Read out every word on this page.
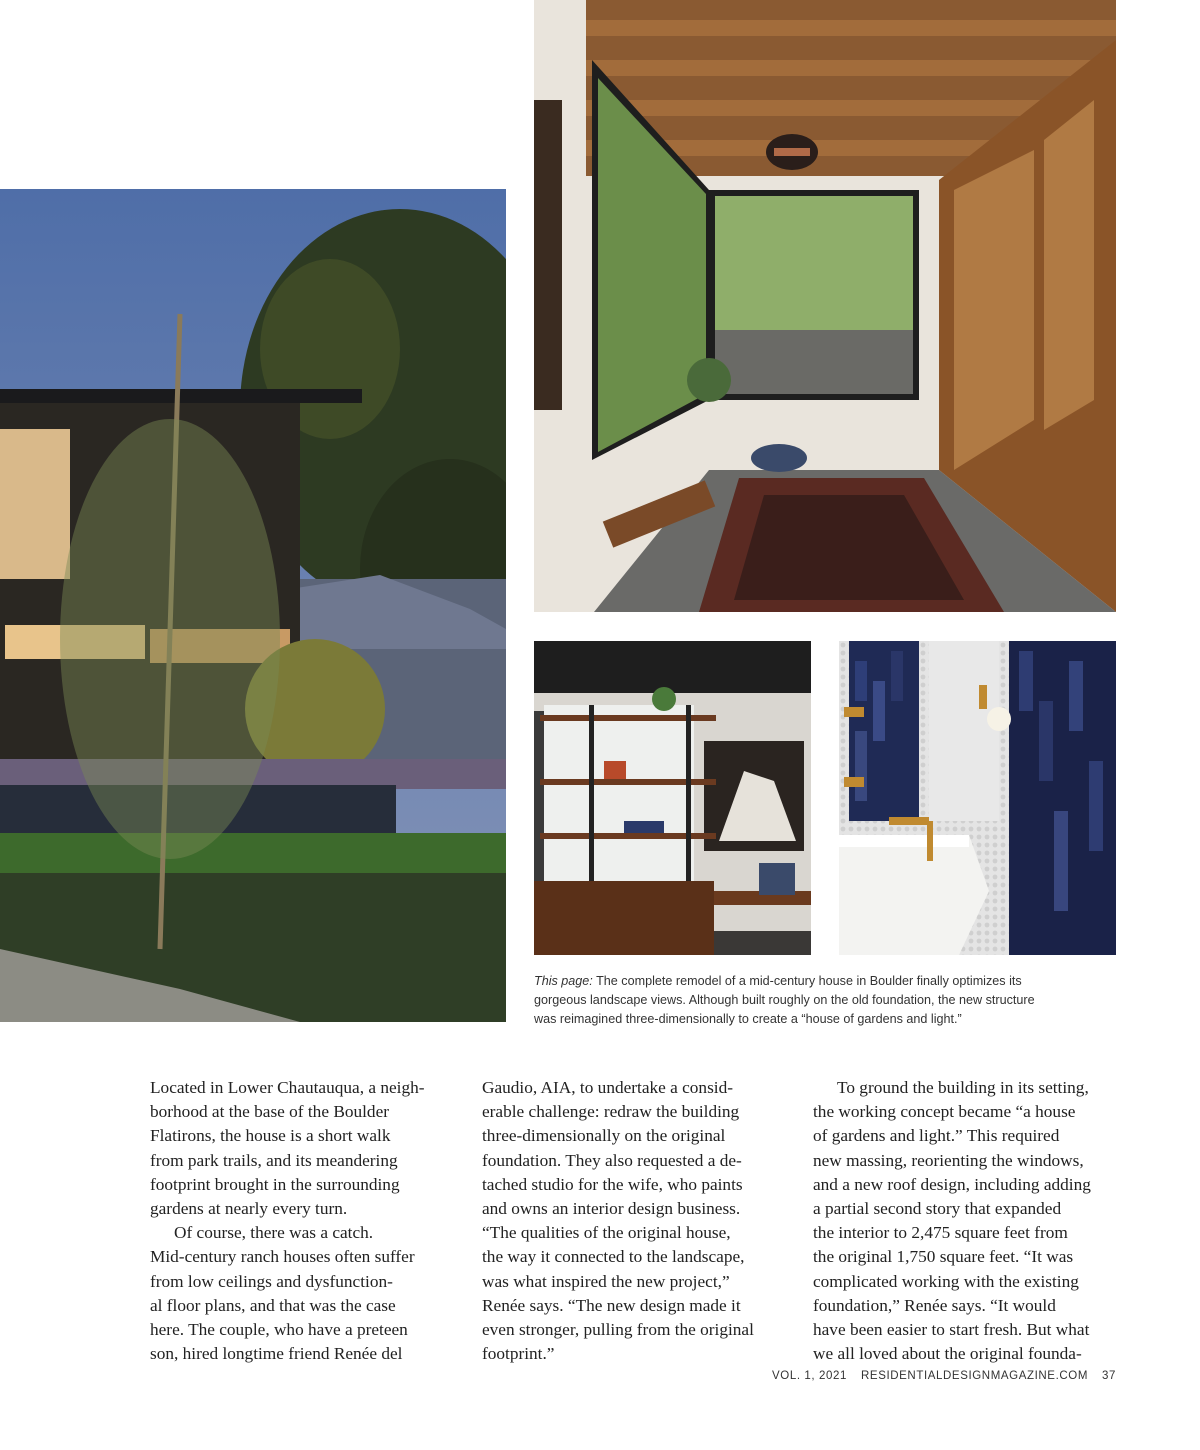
This page: The complete remodel of a mid-century house in Boulder finally optimizes its
gorgeous landscape views. Although built roughly on the old foundation, the new structure
was reimagined three-dimensionally to create a “house of gardens and light.”
Located in Lower Chautauqua, a neigh-
borhood at the base of the Boulder
Flatirons, the house is a short walk
from park trails, and its meandering
footprint brought in the surrounding
gardens at nearly every turn.
Of course, there was a catch.
Mid-century ranch houses often suffer
from low ceilings and dysfunction-
al floor plans, and that was the case
here. The couple, who have a preteen
son, hired longtime friend Renée del
Gaudio, AIA, to undertake a consid-
erable challenge: redraw the building
three-dimensionally on the original
foundation. They also requested a de-
tached studio for the wife, who paints
and owns an interior design business.
“The qualities of the original house,
the way it connected to the landscape,
was what inspired the new project,”
Renée says. “The new design made it
even stronger, pulling from the original
footprint.”
To ground the building in its setting,
the working concept became “a house
of gardens and light.” This required
new massing, reorienting the windows,
and a new roof design, including adding
a partial second story that expanded
the interior to 2,475 square feet from
the original 1,750 square feet. “It was
complicated working with the existing
foundation,” Renée says. “It would
have been easier to start fresh. But what
we all loved about the original founda-
VOL. 1, 2021 RESIDENTIALDESIGNMAGAZINE.COM 37
